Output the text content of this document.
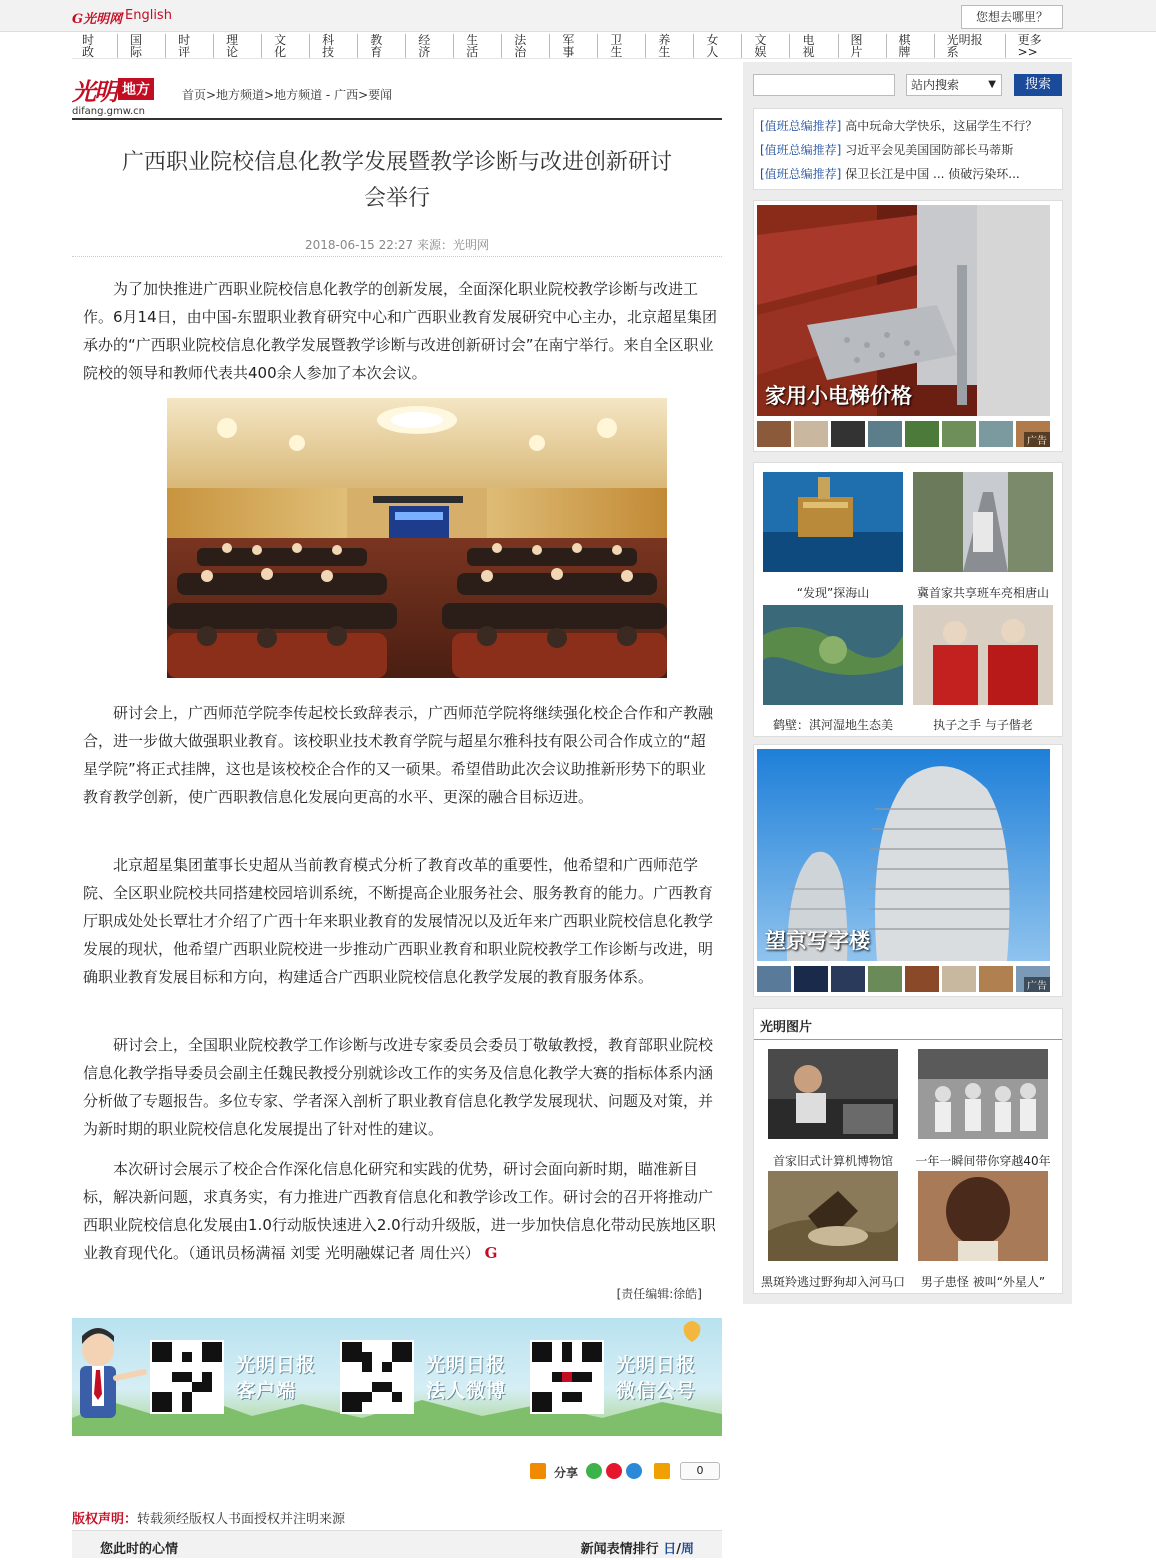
G光明网 English	您想去哪里？
时政
国际
时评
理论
文化
科技
教育
经济
生活
法治
军事
卫生
养生
女人
文娱
电视
图片
棋牌
光明报系
更多>>
光明 地方
difang.gmw.cn
首页>地方频道>地方频道 - 广西>要闻
广西职业院校信息化教学发展暨教学诊断与改进创新研讨会举行
2018-06-15 22:27 来源：光明网

为了加快推进广西职业院校信息化教学的创新发展，全面深化职业院校教学诊断与改进工作。6月14日，由中国-东盟职业教育研究中心和广西职业教育发展研究中心主办，北京超星集团承办的“广西职业院校信息化教学发展暨教学诊断与改进创新研讨会”在南宁举行。来自全区职业院校的领导和教师代表共400余人参加了本次会议。

研讨会上，广西师范学院李传起校长致辞表示，广西师范学院将继续强化校企合作和产教融合，进一步做大做强职业教育。该校职业技术教育学院与超星尔雅科技有限公司合作成立的“超星学院”将正式挂牌，这也是该校校企合作的又一硕果。希望借助此次会议助推新形势下的职业教育教学创新，使广西职教信息化发展向更高的水平、更深的融合目标迈进。

北京超星集团董事长史超从当前教育模式分析了教育改革的重要性，他希望和广西师范学院、全区职业院校共同搭建校园培训系统，不断提高企业服务社会、服务教育的能力。广西教育厅职成处处长覃壮才介绍了广西十年来职业教育的发展情况以及近年来广西职业院校信息化教学发展的现状，他希望广西职业院校进一步推动广西职业教育和职业院校教学工作诊断与改进，明确职业教育发展目标和方向，构建适合广西职业院校信息化教学发展的教育服务体系。

研讨会上，全国职业院校教学工作诊断与改进专家委员会委员丁敬敏教授，教育部职业院校信息化教学指导委员会副主任魏民教授分别就诊改工作的实务及信息化教学大赛的指标体系内涵分析做了专题报告。多位专家、学者深入剖析了职业教育信息化教学发展现状、问题及对策，并为新时期的职业院校信息化发展提出了针对性的建议。

本次研讨会展示了校企合作深化信息化研究和实践的优势，研讨会面向新时期，瞄准新目标，解决新问题，求真务实，有力推进广西教育信息化和教学诊改工作。研讨会的召开将推动广西职业院校信息化发展由1.0行动版快速进入2.0行动升级版，进一步加快信息化带动民族地区职业教育现代化。（通讯员杨满福 刘雯 光明融媒记者 周仕兴） G

[责任编辑:徐皓]
光明日报
客户端
光明日报
法人微博
光明日报
微信公号
分享	0
版权声明：转载须经版权人书面授权并注明来源
您此时的心情	新闻表情排行 日/周
站内搜索	▼	搜索
[值班总编推荐] 高中玩命大学快乐，这届学生不行？
[值班总编推荐] 习近平会见美国国防部长马蒂斯
[值班总编推荐] 保卫长江是中国 ... 侦破污染环...
家用小电梯价格
广告
“发现”探海山	冀首家共享班车亮相唐山
鹤壁：淇河湿地生态美	执子之手 与子偕老
望京写字楼
广告
光明图片
首家旧式计算机博物馆	一年一瞬间带你穿越40年
黑斑羚逃过野狗却入河马口	男子患怪 被叫“外星人”
